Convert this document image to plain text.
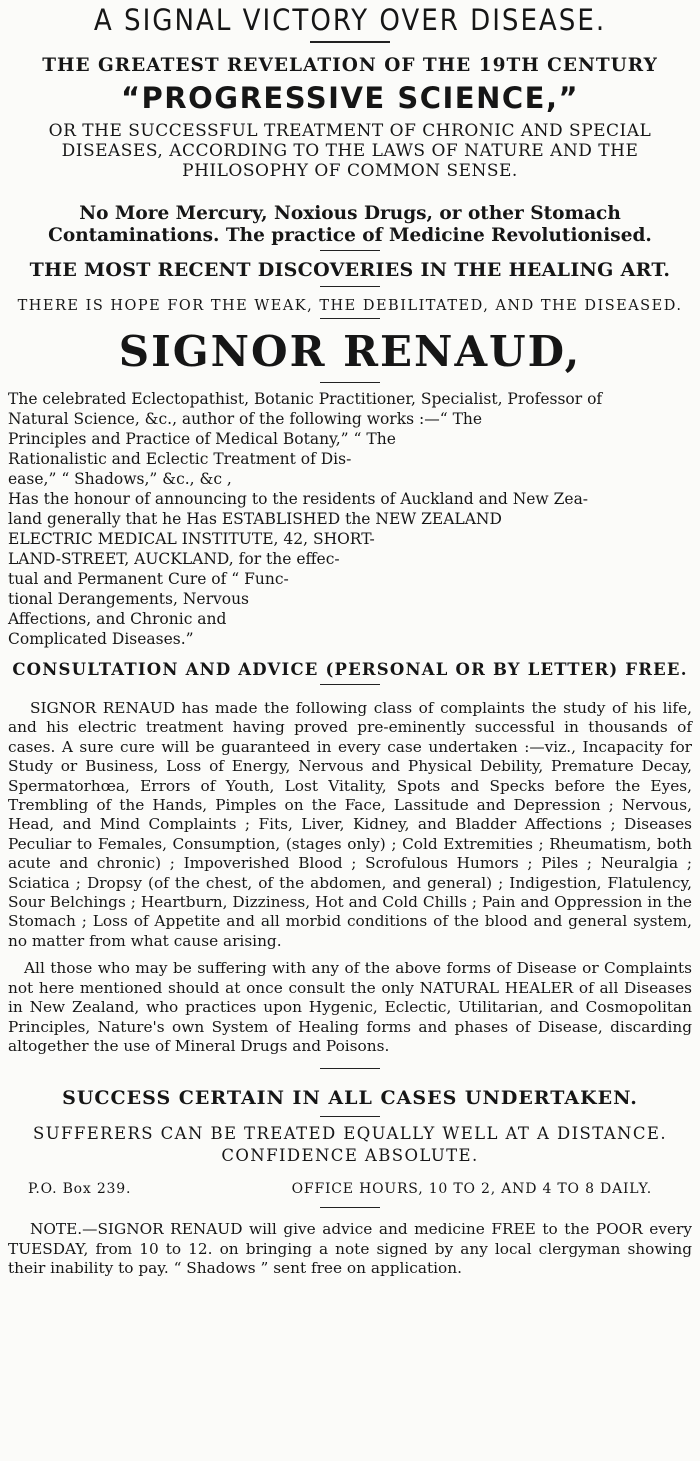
A SIGNAL VICTORY OVER DISEASE.
THE GREATEST REVELATION OF THE 19TH CENTURY
“PROGRESSIVE SCIENCE,”
OR THE SUCCESSFUL TREATMENT OF CHRONIC AND SPECIAL DISEASES, ACCORDING TO THE LAWS OF NATURE AND THE PHILOSOPHY OF COMMON SENSE.
No More Mercury, Noxious Drugs, or other Stomach Contaminations. The practice of Medicine Revolutionised.
THE MOST RECENT DISCOVERIES IN THE HEALING ART.
THERE IS HOPE FOR THE WEAK, THE DEBILITATED, AND THE DISEASED.
SIGNOR RENAUD,

The celebrated Eclectopathist, Botanic Practitioner, Specialist, Professor of

Natural Science, &c., author of the following works :—“ The

Principles and Practice of Medical Botany,” “ The

Rationalistic and Eclectic Treatment of Dis-

ease,” “ Shadows,” &c., &c ,

Has the honour of announcing to the residents of Auckland and New Zea-

land generally that he Has ESTABLISHED the NEW ZEALAND

ELECTRIC MEDICAL INSTITUTE, 42, SHORT-

LAND-STREET, AUCKLAND, for the effec-

tual and Permanent Cure of “ Func-

tional Derangements, Nervous

Affections, and Chronic and

Complicated Diseases.”

CONSULTATION AND ADVICE (PERSONAL OR BY LETTER) FREE.
SIGNOR RENAUD has made the following class of complaints the study of his life, and his electric treatment having proved pre-eminently successful in thousands of cases. A sure cure will be guaranteed in every case undertaken :—viz., Incapacity for Study or Business, Loss of Energy, Nervous and Physical Debility, Premature Decay, Spermatorhœa, Errors of Youth, Lost Vitality, Spots and Specks before the Eyes, Trembling of the Hands, Pimples on the Face, Lassitude and Depression ; Nervous, Head, and Mind Complaints ; Fits, Liver, Kidney, and Bladder Affections ; Diseases Peculiar to Females, Consumption, (stages only) ; Cold Extremities ; Rheumatism, both acute and chronic) ; Impoverished Blood ; Scrofulous Humors ; Piles ; Neuralgia ; Sciatica ; Dropsy (of the chest, of the abdomen, and general) ; Indigestion, Flatulency, Sour Belchings ; Heartburn, Dizziness, Hot and Cold Chills ; Pain and Oppression in the Stomach ; Loss of Appetite and all morbid conditions of the blood and general system, no matter from what cause arising.
All those who may be suffering with any of the above forms of Disease or Complaints not here mentioned should at once consult the only NATURAL HEALER of all Diseases in New Zealand, who practices upon Hygenic, Eclectic, Utilitarian, and Cosmopolitan Principles, Nature's own System of Healing forms and phases of Disease, discarding altogether the use of Mineral Drugs and Poisons.
SUCCESS CERTAIN IN ALL CASES UNDERTAKEN.
SUFFERERS CAN BE TREATED EQUALLY WELL AT A DISTANCE. CONFIDENCE ABSOLUTE.
P.O. Box 239.	OFFICE HOURS, 10 TO 2, AND 4 TO 8 DAILY.
NOTE.—SIGNOR RENAUD will give advice and medicine FREE to the POOR every TUESDAY, from 10 to 12. on bringing a note signed by any local clergyman showing their inability to pay. “ Shadows ” sent free on application.
